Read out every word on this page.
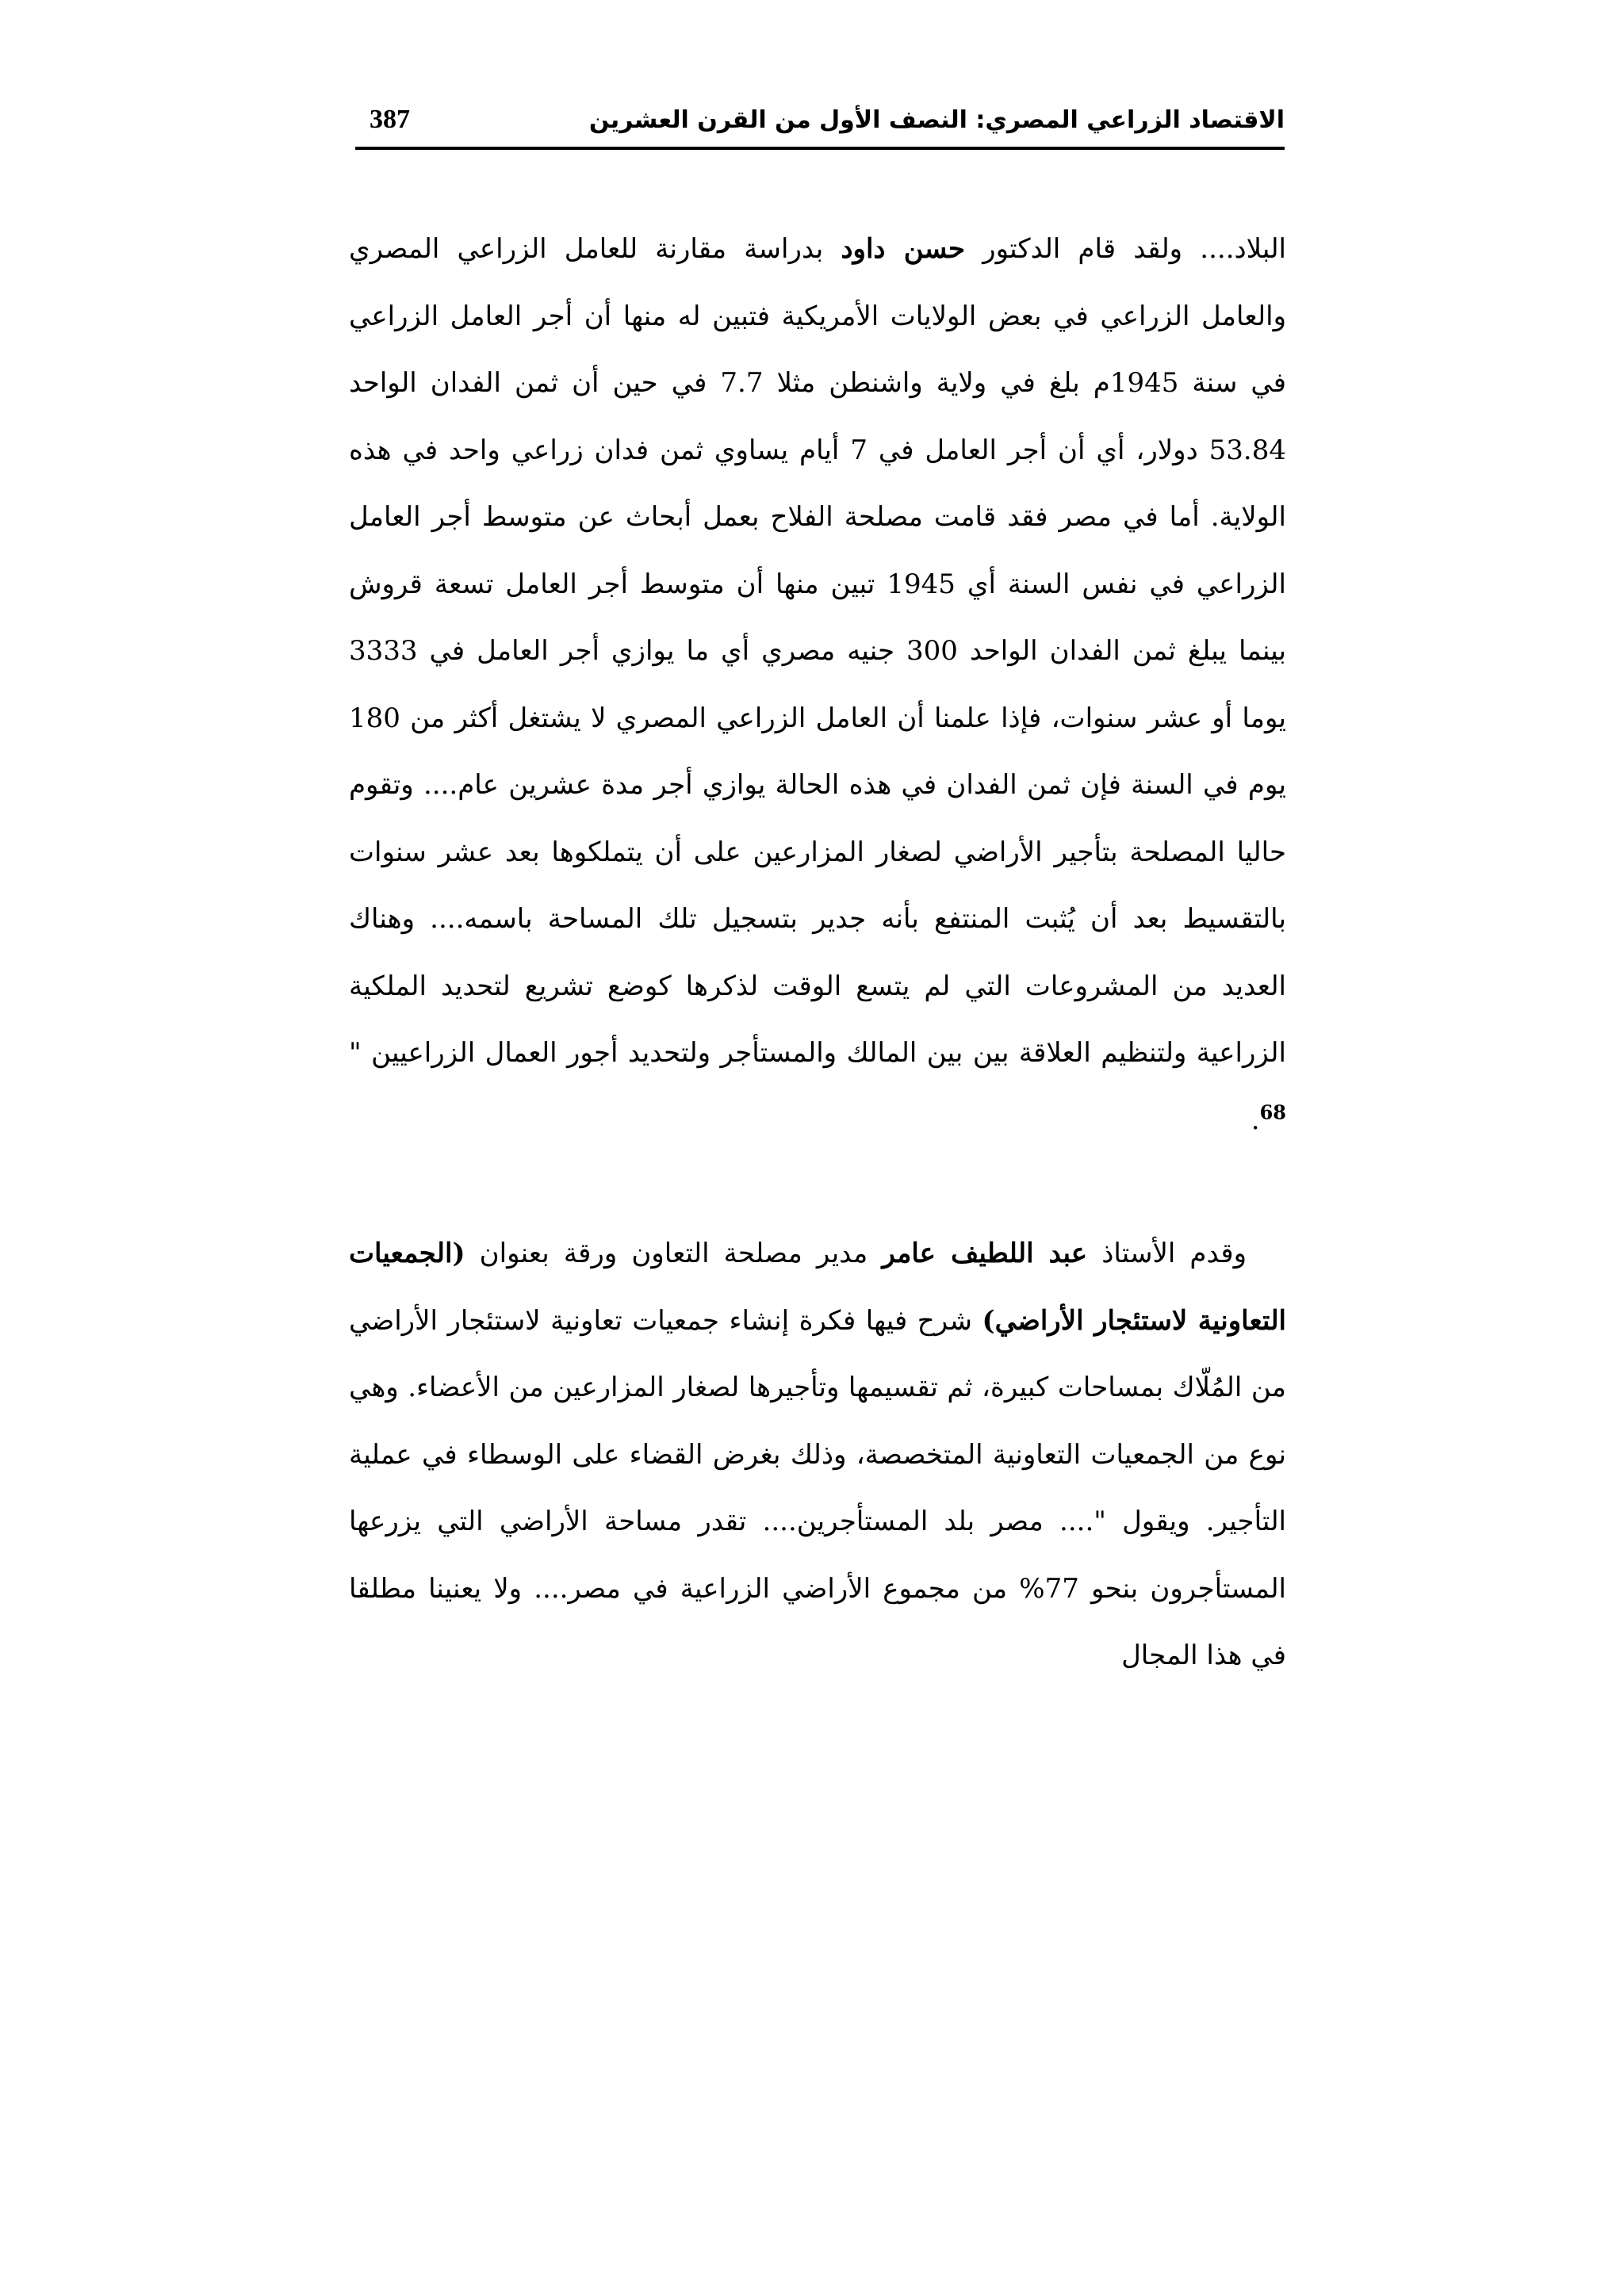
الاقتصاد الزراعي المصري: النصف الأول من القرن العشرين
387

البلاد.... ولقد قام الدكتور حسن داود بدراسة مقارنة للعامل الزراعي المصري والعامل الزراعي في بعض الولايات الأمريكية فتبين له منها أن أجر العامل الزراعي في سنة 1945م بلغ في ولاية واشنطن مثلا 7.7 في حين أن ثمن الفدان الواحد 53.84 دولار، أي أن أجر العامل في 7 أيام يساوي ثمن فدان زراعي واحد في هذه الولاية. أما في مصر فقد قامت مصلحة الفلاح بعمل أبحاث عن متوسط أجر العامل الزراعي في نفس السنة أي 1945 تبين منها أن متوسط أجر العامل تسعة قروش بينما يبلغ ثمن الفدان الواحد 300 جنيه مصري أي ما يوازي أجر العامل في 3333 يوما أو عشر سنوات، فإذا علمنا أن العامل الزراعي المصري لا يشتغل أكثر من 180 يوم في السنة فإن ثمن الفدان في هذه الحالة يوازي أجر مدة عشرين عام.... وتقوم حاليا المصلحة بتأجير الأراضي لصغار المزارعين على أن يتملكوها بعد عشر سنوات بالتقسيط بعد أن يُثبت المنتفع بأنه جدير بتسجيل تلك المساحة باسمه.... وهناك العديد من المشروعات التي لم يتسع الوقت لذكرها كوضع تشريع لتحديد الملكية الزراعية ولتنظيم العلاقة بين بين المالك والمستأجر ولتحديد أجور العمال الزراعيين " $^{68}$.

وقدم الأستاذ عبد اللطيف عامر مدير مصلحة التعاون ورقة بعنوان (الجمعيات التعاونية لاستئجار الأراضي) شرح فيها فكرة إنشاء جمعيات تعاونية لاستئجار الأراضي من المُلّاك بمساحات كبيرة، ثم تقسيمها وتأجيرها لصغار المزارعين من الأعضاء. وهي نوع من الجمعيات التعاونية المتخصصة، وذلك بغرض القضاء على الوسطاء في عملية التأجير. ويقول ".... مصر بلد المستأجرين.... تقدر مساحة الأراضي التي يزرعها المستأجرون بنحو 77% من مجموع الأراضي الزراعية في مصر.... ولا يعنينا مطلقا في هذا المجال
